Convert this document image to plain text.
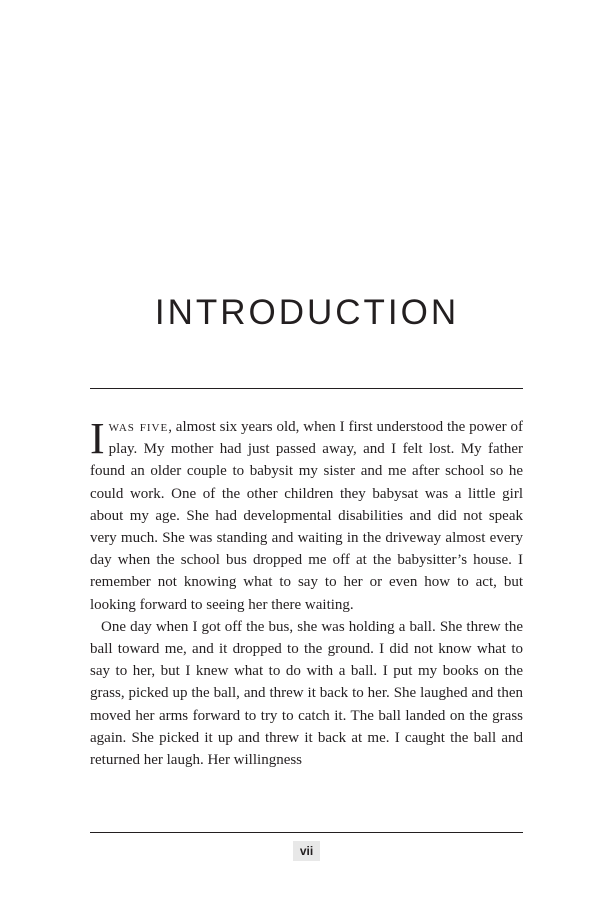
INTRODUCTION

Iwas five, almost six years old, when I first understood the power of play. My mother had just passed away, and I felt lost. My father found an older couple to babysit my sister and me after school so he could work. One of the other children they babysat was a little girl about my age. She had developmental disabilities and did not speak very much. She was standing and waiting in the driveway almost every day when the school bus dropped me off at the babysitter’s house. I remember not knowing what to say to her or even how to act, but looking forward to seeing her there waiting.

One day when I got off the bus, she was holding a ball. She threw the ball toward me, and it dropped to the ground. I did not know what to say to her, but I knew what to do with a ball. I put my books on the grass, picked up the ball, and threw it back to her. She laughed and then moved her arms forward to try to catch it. The ball landed on the grass again. She picked it up and threw it back at me. I caught the ball and returned her laugh. Her willingness

vii
